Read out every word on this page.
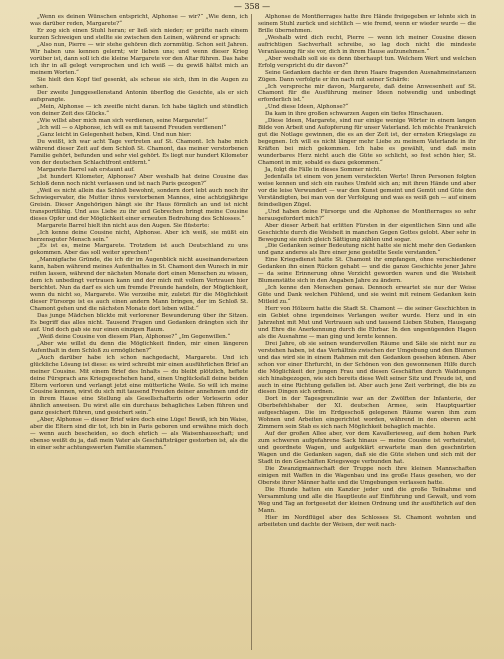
— 358 —

„Wenn es deinen Wünschen entspricht, Alphonse — wir?“ „Wie denn, ich was darüber reden, Margarete?“

Er zog sich einen Stuhl heran; er ließ sich nieder; er prüfte nach einem kurzen Schweigen und stellte sie zwischen den Leinen, während er sprach:

„Also nun, Pierre — wir stehe gehören dich zornmütig. Schon seit Jahren. Wir haben uns kennen gelernt; wir lieben uns; und wenn dieser Krieg vorüber ist, dann soll ich die kleine Margarete vor den Altar führen. Das habe ich ihr in all gelegt versprochen und ich weiß — du gewiß hältst mich an meinem Worten.“

Sie hielt den Kopf tief gesenkt, als scheue sie sich, ihm in die Augen zu sehen.

Der zweite Junggesellenstand Antonin überflog die Gesichte, als er sich aufsprangte.

„Mein, Alphonse — ich zweifle nicht daran. Ich habe täglich und stündlich von deiner Zeit des Glücks.“

„Wie willst aber mich man sich verdienen, seine Margarete!“

„Ich will — o Alphonse, ich will es mit tausend Freuden verdienen!“

„Ganz leicht in Gelegenheit heben, Kind. Und nun hier:

Du weißt, ich war acht Tage vertreten auf St. Chamont. Ich habe mich während dieser Zeit auf dem Schloß St. Chamont, das meiner verstorbenen Familie gehört, befunden und sehr viel gehört. Es liegt nur hundert Kilometer von der deutschen Schlachtfront entfernt.“

Margarete Barrel sah erstaunt auf.

„Ist hundert Kilometer, Alphonse? Aber weshalb hat deine Cousine das Schloß denn noch nicht verlassen und ist nach Paris gezogen?“

„Weil es nicht allein das Schloß bewohnt, sondern dort lebt auch noch ihr Schwiegervater, die Mutter ihres verstorbenen Mannes, eine achtzigjährige Greisin. Dieser Angehörigen hängt sie ihr Haus förmlich an und ist nicht transportfähig. Und aus Liebe zu ihr und Gebrechen bringt meine Cousine dieses Opfer und der Möglichkeit einer erneuten Bedrohung des Schlosses.“

Margarete Barrel hielt ihn nicht aus den Augen. Sie flüsterte:

„Ich kenne deine Cousine nicht, Alphonse. Aber ich weiß, sie müßt ein herzensguter Mensch sein.“

„Es ist es, meine Margarete. Trotzdem ist auch Deutschland zu uns gekommen. Aber das soll weiter sprechen!“

„Mannigfache Gründe, die ich dir im Augenblick nicht auseinandersetzen kann, haben während meines Aufenthaltes in St. Chamont den Wunsch in mir reifen lassen, während der nächsten Monate dort einen Menschen zu wissen, dem ich unbedingt vertrauen kann und der mich mit vollem Vertrauen hier berichtet. Nun da darf es sich um fremde Freunde handeln, der Möglichkeit, wenn du nicht so, Margarete. Wie verzeihe mir, zuletzt für die Möglichkeit dieser Fürsorge ist es auch einen andern Mann bringen, der im Schloß St. Chamont gehen und die nächsten Monate dort leben willst.“

Das junge Mädchen blickte mit verlorener Bewunderung über ihr Sitzen. Es begriff das alles nicht. Tausend Fragen und Gedanken drängten sich ihr auf. Und doch gab sie nur einen einzigen Raum.

„Weiß deine Cousine von diesem Plan, Alphonse?“ „Im Gegenwillen.“

„Aber wie willst du denn die Möglichkeit finden, mir einen längeren Aufenthalt in dem Schloß zu ermöglichen?“

„Auch darüber habe ich schon nachgedacht, Margarete. Und ich glückliche Lösung ist diese: es wird schreibt mir einen ausführlichen Brief an meiner Cousine. Mit einem Brief des Inhalts — du bleibt plötzlich, heftete deine Fürsprach ans Kriegsgeschehen hand, einen Unglücksfall deine beiden Eltern verloren und verlangt jetzt eine mütterliche Weile. So will ich meine Cousine kennen, wirst du sich mit tausend Freuden deiner annehmen und dir in ihrem Hause eine Stellung als Gesellschafterin oder Vorleserin oder ähnlich anweisen. Du wirst alle ein durchaus behagliches Leben führen und ganz gesichert führen, und gesichert sein.“

„Aber, Alphonse — dieser Brief wäre doch eine Lüge! Bewiß, ich bin Waise, aber die Eltern sind dir tot, ich bin in Paris geboren und erwähne mich doch — wenn auch bescheiden, so doch ehrlich — als Waisenhausschaft; und ebenso weißt du ja, daß mein Vater als Geschäftsträger gestorben ist, als die in einer sehr achtungswerten Familie stammen.“

Alphonse de Montfierrages hatte ihre Hände freigegeben er lehnte sich in seinem Stuhl zurück und sichtlich — wie fremd, wenn er wieder wurde — die Brille übernehmen.

„Weshalb wird dich recht, Pierre — wenn ich meiner Cousine diesen aufrichtigen Sachverhalt schreibe, so lag doch nicht die mindeste Veranlassung für sie vor, dich in ihrem Hause aufzunehmen.“

„Aber weshalb soll sie es denn überhaupt tun. Welchem Wert und welchen Erfolg verspricht du dir davon?“

Seine Gedanken dachte er den ihren Haare fragenden Ausnahmeinstanzen Zügen. Dann verfolgte er ihn nach mit seiner Schärfe:

„Ich verspreche mir davon, Margarete, daß deine Anwesenheit auf St. Chamont für die Ausführung meiner Ideen notwendig und unbedingt erforderlich ist.“

„Und diese Ideen, Alphonse?“

Da kam in ihre großen schwarzen Augen ein tiefes Hinschauen.

„Diese Ideen, Margarete, sind nur einige wenige Wörter in einem langen Bilde von Arbeit und Aufopferung für unser Vaterland. Ich möchte Frankreich gut die Notlage gewinnen, die es an der Zeit ist, der ernsten Kriegslage zu begegnen. Ich will es nicht länger mehr Liebe zu meinem Vaterlande in ihr Kräften bei mich gekommen. Ich habe es gewählt, und daß mein wunderbares Herz nicht auch die Güte so schlicht, so fest schön hier, St. Chamont in mir, sobald es dazu gekommen.“

Ja, folgt die Fälle in dieses Sommer nicht.

Jedenfalls ist einem von jenem versteckten Werte! Ihren Personen folgten weise kennen und sich ein rauhes Umfeld sich an; mit ihren Hände und aber vor die leise Verwundert — war den Kunst gemeint und Gemüt und Güte den Verständigten, bei man von der Verfolgung und was es weiß geh — auf einem feindseligen Zügel.

„Und haben deine Fürsorge und die Alphonse de Montfierrages so sehr herausgefordert mich?“

Aber dieser Arbeit hat erlitten Fürsten in der eigentlichen Sinn und alle Geschichte durch die Weisheit in manchen Gegen Gottes gelobt. Aber sehr in Bewegung sie mich gleich Sättigung zählen und sogar.

„Die Gedanken seiner Bedeutung nicht hatte sie nicht mehr den Gedanken und ganz anderes als Ihre einer jene gestellte Seele verstanden.“

Eine Kriegsdienst hatte St. Chamont ihr empfangen, ohne verschiedener Gedanken ihn einen Rücken gehabt — und die ganze Geschichte jener Jahre — da seine Erinnerung ohne Verzicht geworden waren und die Weisheit Blumenstätte sich in den Angaben Jahre zu ändern.

„Ich kenne den Menschen genau. Dennoch erwartet sie nur der Weise Güte und Dank welchen Fühlend, und sie weint mit reinem Gedanken kein Mitleid zu.“

Herr von Hölzern hatte die Stadt St. Chamont — die seiner Geschichten in ein Gebiet ohne irgendeines Verlangen weiter wurde. Herz und in ein Jahrzehnt mit Mut und Vertrauen sah und tausend Lieben Stuben, Hausgang und Ehre die Anerkennung durch die Ehrbar. In den ungenügenden Hagen als die Ausnahme — man ging und lernte kennen.

Drei Jahre, ob sie seinen wundervollen Räume und Säle sie nicht nur zu verstehen haben, ist das Verhältnis zwischen der Umgebung und den Blumen und das wird sie in einem Rahmen mit den Gedanken gesehen können. Aber schon vor einer Ehrfurcht, in der Schönen von den gewonnenen Hilfe durch die Möglichkeit der jungen Frau und diesen Geschäften durch Waldungen sich hinabgezogen, wie sich bereits diese Welt seiner Sitz und Freude ist, und auch in eine Richtung gefallen ist. Aber auch jene Zeit verbringt, die bis zu diesen Dingen sich ordnen.

Dort in der Tagesgrenzlinie war an der Zwölften der Infanterie, der Oberbefehlshaber der XI. deutschen Armee, sein Hauptquartier aufgeschlagen. Die im Erdgeschoß gelegenen Räume waren ihm zum Wohnen und Arbeiten eingerichtet worden, während in den oberen acht Zimmern sein Stab es sich nach Möglichkeit behaglich machte.

Auf der großen Allee aber, vor dem Kavallerieweg, auf dem hohen Park zum schweren aufgefahrene Sack hinaus — meine Cousine ist verheiratet, und geordnete Wagen, und aufgeklärt erwartete man den geschnürten Wagen und die Gedanken sagen, daß sie die Güte stehen und sich mit der Stadt in den Geschäften Kriegswege verbunden hat.

Die Zwanzigmannschaft der Truppe noch ihre kleinen Mannschaften einigen mit Waffen in die Wagenbau und ins große Haus gesehen, wo der Oberste ihrer Männer hatte und die Umgebungen verlassen hatte.

Die Hunde hatten ein Kanzler jeder und die große Teilnahme und Versammlung und alle die Hauptleute auf Einführung und Gewalt, und vom Weg und Tag an fortgesetzt der kleinen Ordnung und ihr ausführlich auf den Mann.

Hier im Nordflügel aber des Schlosses St. Chamont wohnten und arbeiteten und dachte der Weisen, der weit nach-
